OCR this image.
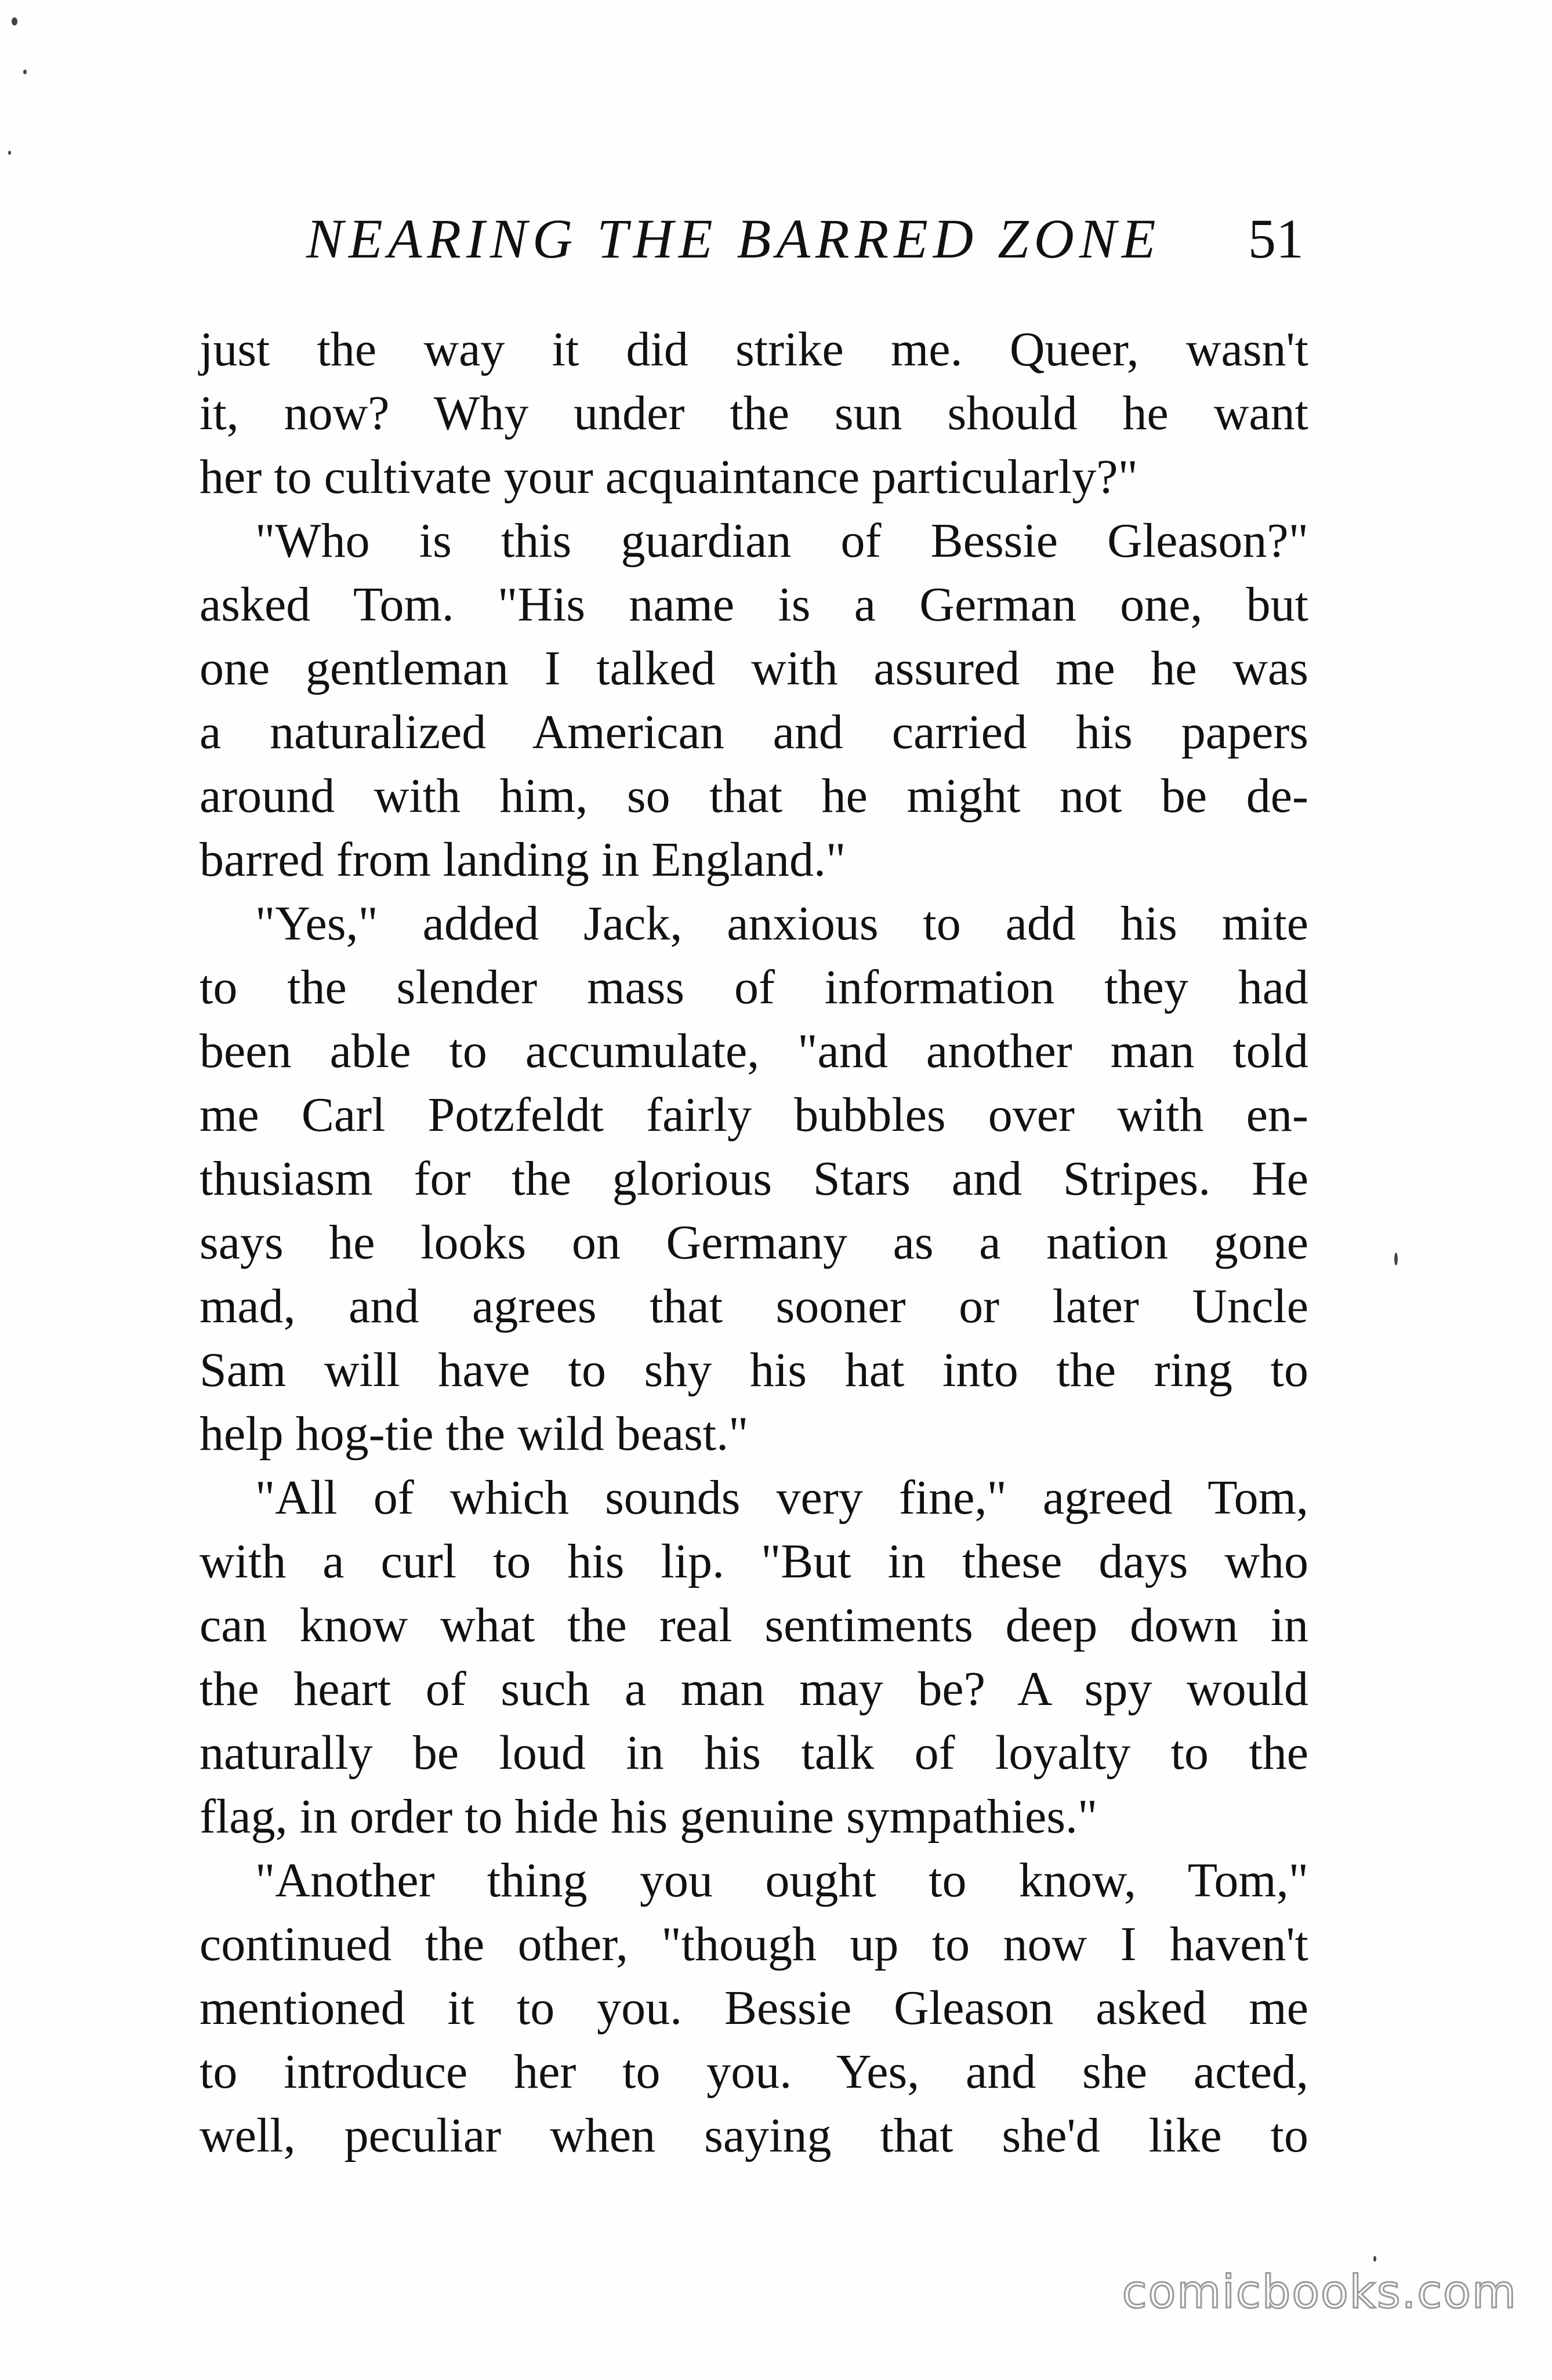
NEARING THE BARRED ZONE 51
just the way it did strike me. Queer, wasn't
it, now? Why under the sun should he want
her to cultivate your acquaintance particularly?"
"Who is this guardian of Bessie Gleason?"
asked Tom. "His name is a German one, but
one gentleman I talked with assured me he was
a naturalized American and carried his papers
around with him, so that he might not be de-
barred from landing in England."
"Yes," added Jack, anxious to add his mite
to the slender mass of information they had
been able to accumulate, "and another man told
me Carl Potzfeldt fairly bubbles over with en-
thusiasm for the glorious Stars and Stripes. He
says he looks on Germany as a nation gone
mad, and agrees that sooner or later Uncle
Sam will have to shy his hat into the ring to
help hog-tie the wild beast."
"All of which sounds very fine," agreed Tom,
with a curl to his lip. "But in these days who
can know what the real sentiments deep down in
the heart of such a man may be? A spy would
naturally be loud in his talk of loyalty to the
flag, in order to hide his genuine sympathies."
"Another thing you ought to know, Tom,"
continued the other, "though up to now I haven't
mentioned it to you. Bessie Gleason asked me
to introduce her to you. Yes, and she acted,
well, peculiar when saying that she'd like to
comicbooks.com
